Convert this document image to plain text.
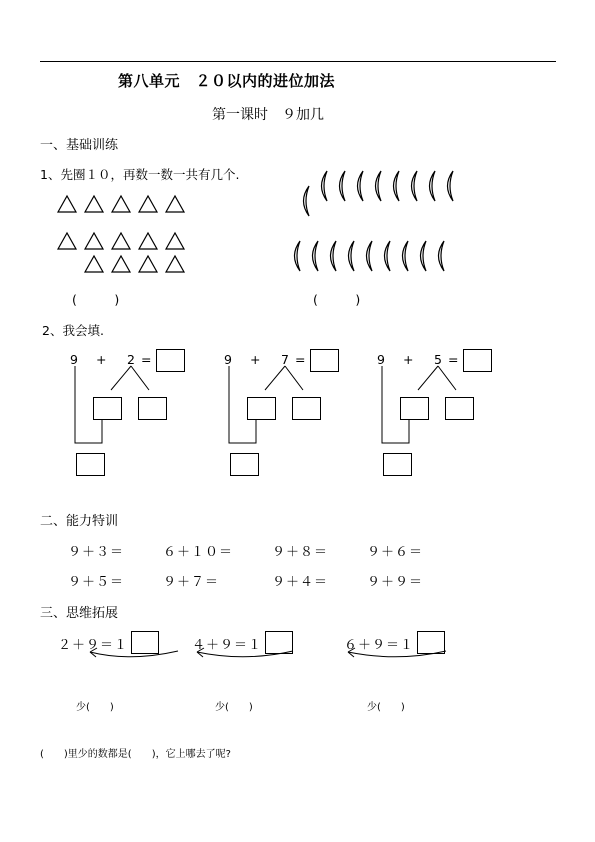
第八单元　２０以内的进位加法
第一课时　９加几
一、基础训练
1、先圈１０，再数一数一共有几个.
(　　　)	(　　　)
2、我会填.
9 + 2 =	9 + 7 =	9 + 5 =
二、能力特训
９＋３＝	６＋１０＝	９＋８＝	９＋６＝
９＋５＝	９＋７＝	９＋４＝	９＋９＝
三、思维拓展
２＋９＝１	４＋９＝１	６＋９＝１
少(　　)	少(　　)	少(　　)
(　　)里少的数都是(　　)，它上哪去了呢?
